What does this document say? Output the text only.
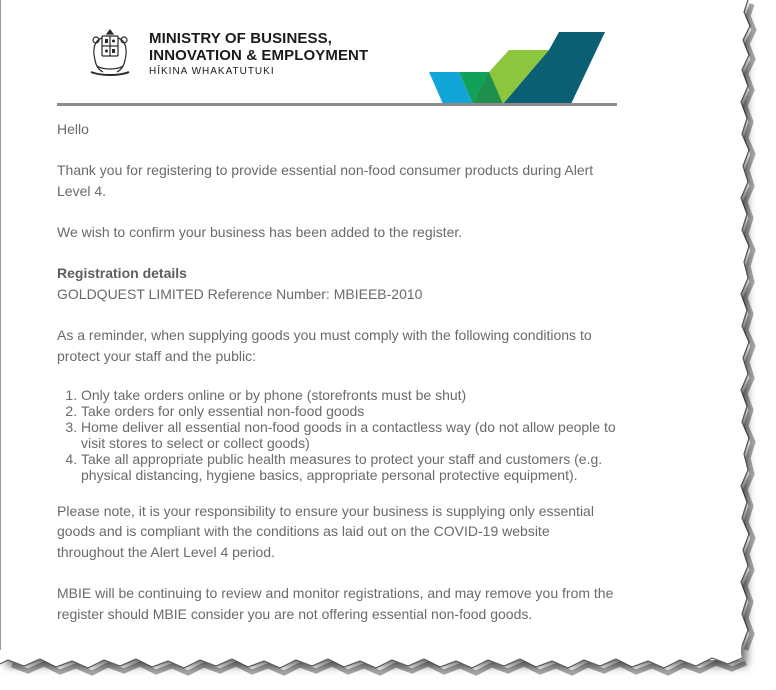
MINISTRY OF BUSINESS,
INNOVATION & EMPLOYMENT

HĪKINA WHAKATUTUKI

Hello

Thank you for registering to provide essential non-food consumer products during Alert Level 4.

We wish to confirm your business has been added to the register.

Registration details
GOLDQUEST LIMITED Reference Number: MBIEEB-2010

As a reminder, when supplying goods you must comply with the following conditions to protect your staff and the public:

1. Only take orders online or by phone (storefronts must be shut)
2. Take orders for only essential non-food goods
3. Home deliver all essential non-food goods in a contactless way (do not allow people to visit stores to select or collect goods)
4. Take all appropriate public health measures to protect your staff and customers (e.g. physical distancing, hygiene basics, appropriate personal protective equipment).

Please note, it is your responsibility to ensure your business is supplying only essential goods and is compliant with the conditions as laid out on the COVID-19 website throughout the Alert Level 4 period.

MBIE will be continuing to review and monitor registrations, and may remove you from the register should MBIE consider you are not offering essential non-food goods.
